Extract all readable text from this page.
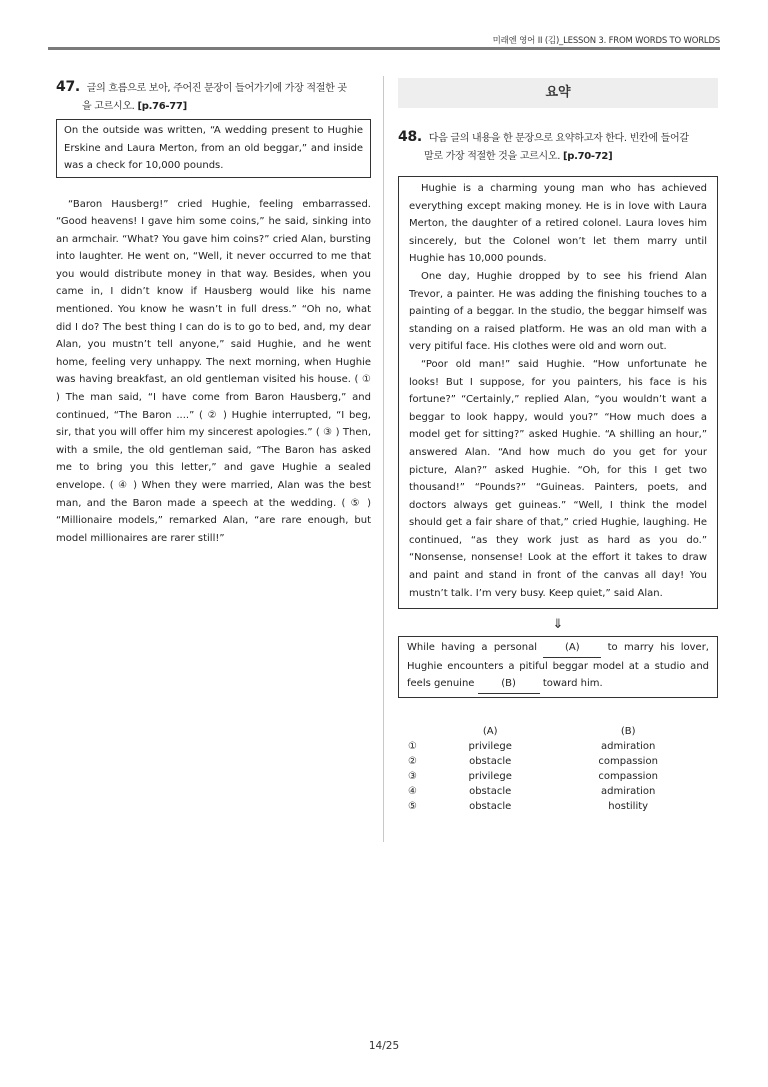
미래엔 영어 II (김)_LESSON 3. FROM WORDS TO WORLDS
47. 글의 흐름으로 보아, 주어진 문장이 들어가기에 가장 적절한 곳
을 고르시오. [p.76-77]
On the outside was written, “A wedding present to Hughie Erskine and Laura Merton, from an old beggar,” and inside was a check for 10,000 pounds.

“Baron Hausberg!” cried Hughie, feeling embarrassed. “Good heavens! I gave him some coins,” he said, sinking into an armchair. “What? You gave him coins?” cried Alan, bursting into laughter. He went on, “Well, it never occurred to me that you would distribute money in that way. Besides, when you came in, I didn’t know if Hausberg would like his name mentioned. You know he wasn’t in full dress.” “Oh no, what did I do? The best thing I can do is to go to bed, and, my dear Alan, you mustn’t tell anyone,” said Hughie, and he went home, feeling very unhappy. The next morning, when Hughie was having breakfast, an old gentleman visited his house. ( ① ) The man said, “I have come from Baron Hausberg,” and continued, “The Baron ....” ( ② ) Hughie interrupted, “I beg, sir, that you will offer him my sincerest apologies.” ( ③ ) Then, with a smile, the old gentleman said, “The Baron has asked me to bring you this letter,” and gave Hughie a sealed envelope. ( ④ ) When they were married, Alan was the best man, and the Baron made a speech at the wedding. ( ⑤ ) “Millionaire models,” remarked Alan, “are rare enough, but model millionaires are rarer still!”

요약
48. 다음 글의 내용을 한 문장으로 요약하고자 한다. 빈칸에 들어갈
말로 가장 적절한 것을 고르시오. [p.70-72]

Hughie is a charming young man who has achieved everything except making money. He is in love with Laura Merton, the daughter of a retired colonel. Laura loves him sincerely, but the Colonel won’t let them marry until Hughie has 10,000 pounds.

One day, Hughie dropped by to see his friend Alan Trevor, a painter. He was adding the finishing touches to a painting of a beggar. In the studio, the beggar himself was standing on a raised platform. He was an old man with a very pitiful face. His clothes were old and worn out.

“Poor old man!” said Hughie. “How unfortunate he looks! But I suppose, for you painters, his face is his fortune?” “Certainly,” replied Alan, “you wouldn’t want a beggar to look happy, would you?” “How much does a model get for sitting?” asked Hughie. “A shilling an hour,” answered Alan. “And how much do you get for your picture, Alan?” asked Hughie. “Oh, for this I get two thousand!” “Pounds?” “Guineas. Painters, poets, and doctors always get guineas.” “Well, I think the model should get a fair share of that,” cried Hughie, laughing. He continued, “as they work just as hard as you do.” “Nonsense, nonsense! Look at the effort it takes to draw and paint and stand in front of the canvas all day! You mustn’t talk. I’m very busy. Keep quiet,” said Alan.

⇓
While having a personal	(A)	to marry his lover, Hughie encounters a pitiful beggar model at a studio and feels genuine	(B)	toward him.
	(A)	(B)
①	privilege	admiration
②	obstacle	compassion
③	privilege	compassion
④	obstacle	admiration
⑤	obstacle	hostility
14/25
